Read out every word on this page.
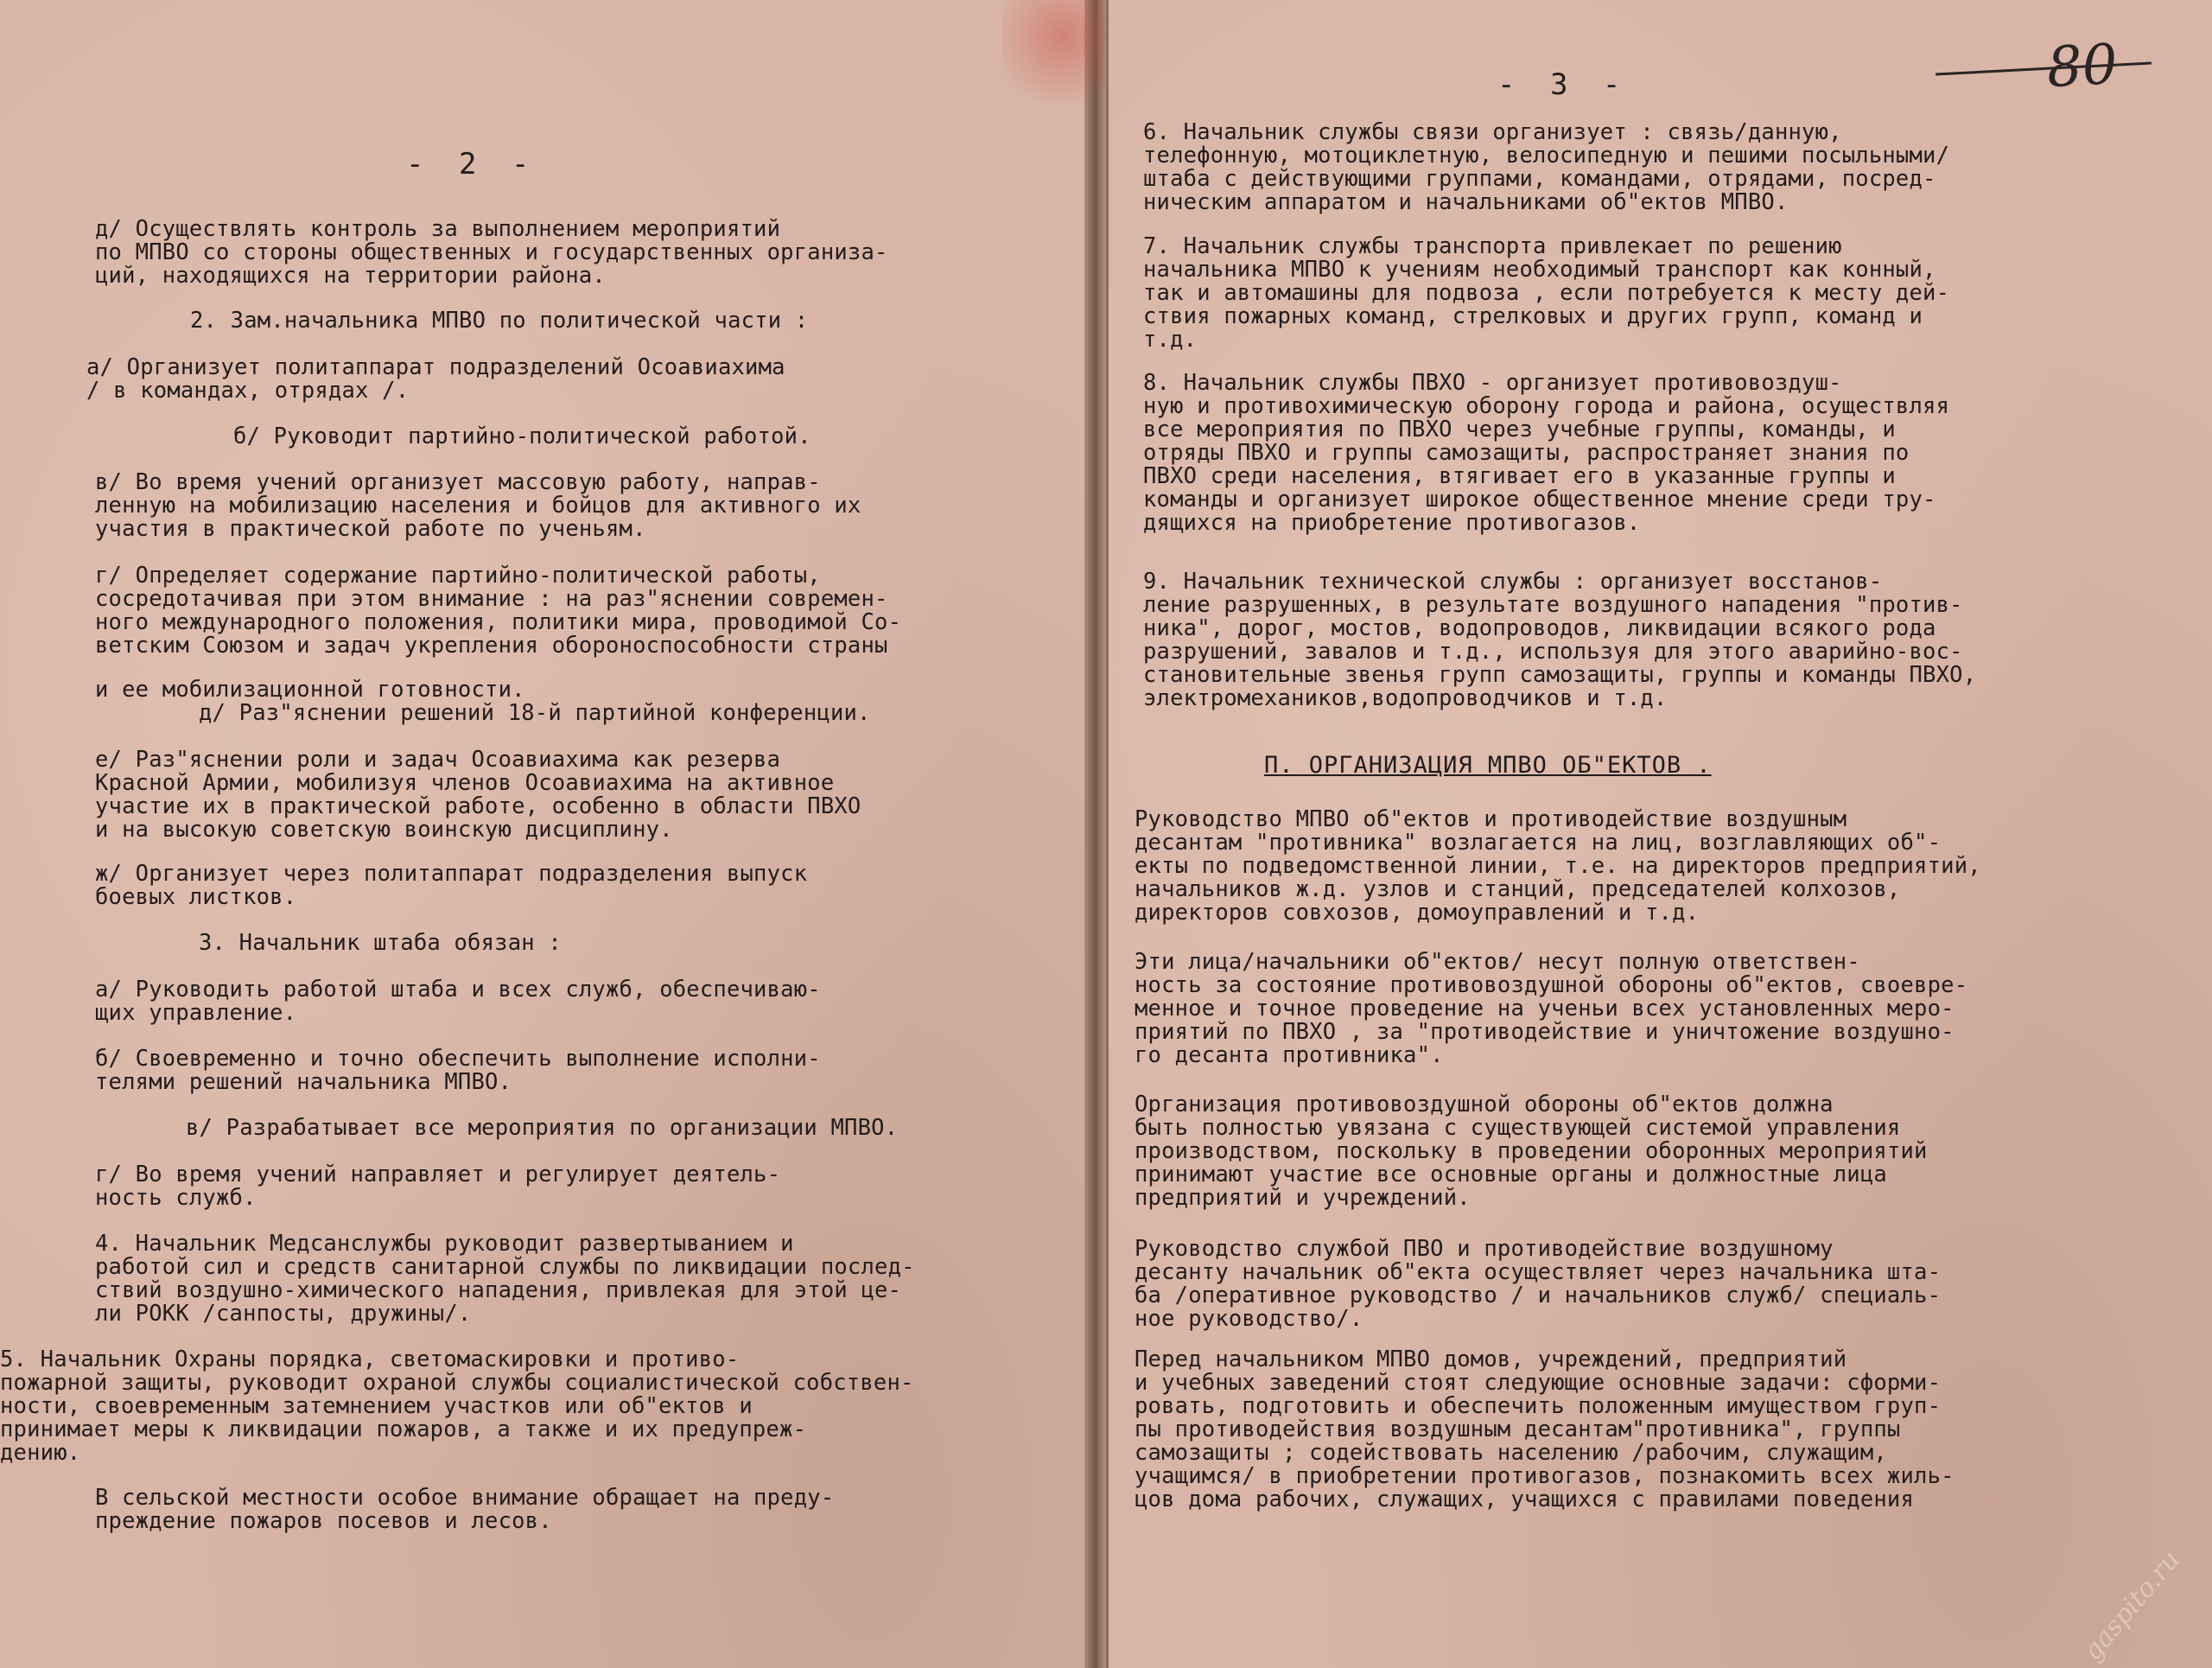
- 2 -
д/ Осуществлять контроль за выполнением мероприятий
по МПВО со стороны общественных и государственных организа-
ций, находящихся на территории района.
2. Зам.начальника МПВО по политической части :
а/ Организует политаппарат подразделений Осоавиахима
/ в командах, отрядах /.
б/ Руководит партийно-политической работой.
в/ Во время учений организует массовую работу, направ-
ленную на мобилизацию населения и бойцов для активного их
участия в практической работе по ученьям.
г/ Определяет содержание партийно-политической работы,
сосредотачивая при этом внимание : на раз"яснении современ-
ного международного положения, политики мира, проводимой Со-
ветским Союзом и задач укрепления обороноспособности страны
и ее мобилизационной готовности.
д/ Раз"яснении решений 18-й партийной конференции.
е/ Раз"яснении роли и задач Осоавиахима как резерва
Красной Армии, мобилизуя членов Осоавиахима на активное
участие их в практической работе, особенно в области ПВХО
и на высокую советскую воинскую дисциплину.
ж/ Организует через политаппарат подразделения выпуск
боевых листков.
3. Начальник штаба обязан :
а/ Руководить работой штаба и всех служб, обеспечиваю-
щих управление.
б/ Своевременно и точно обеспечить выполнение исполни-
телями решений начальника МПВО.
в/ Разрабатывает все мероприятия по организации МПВО.
г/ Во время учений направляет и регулирует деятель-
ность служб.
4. Начальник Медсанслужбы руководит развертыванием и
работой сил и средств санитарной службы по ликвидации послед-
ствий воздушно-химического нападения, привлекая для этой це-
ли РОКК /санпосты, дружины/.
5. Начальник Охраны порядка, светомаскировки и противо-
пожарной защиты, руководит охраной службы социалистической собствен-
ности, своевременным затемнением участков или об"ектов и
принимает меры к ликвидации пожаров, а также и их предупреж-
дению.
В сельской местности особое внимание обращает на преду-
преждение пожаров посевов и лесов.
- 3 -	80
6. Начальник службы связи организует : связь/данную,
телефонную, мотоциклетную, велосипедную и пешими посыльными/
штаба с действующими группами, командами, отрядами, посред-
ническим аппаратом и начальниками об"ектов МПВО.
7. Начальник службы транспорта привлекает по решению
начальника МПВО к учениям необходимый транспорт как конный,
так и автомашины для подвоза , если потребуется к месту дей-
ствия пожарных команд, стрелковых и других групп, команд и
т.д.
8. Начальник службы ПВХО - организует противовоздуш-
ную и противохимическую оборону города и района, осуществляя
все мероприятия по ПВХО через учебные группы, команды, и
отряды ПВХО и группы самозащиты, распространяет знания по
ПВХО среди населения, втягивает его в указанные группы и
команды и организует широкое общественное мнение среди тру-
дящихся на приобретение противогазов.
9. Начальник технической службы : организует восстанов-
ление разрушенных, в результате воздушного нападения "против-
ника", дорог, мостов, водопроводов, ликвидации всякого рода
разрушений, завалов и т.д., используя для этого аварийно-вос-
становительные звенья групп самозащиты, группы и команды ПВХО,
электромехаников,водопроводчиков и т.д.
П. ОРГАНИЗАЦИЯ МПВО ОБ"ЕКТОВ .
Руководство МПВО об"ектов и противодействие воздушным
десантам "противника" возлагается на лиц, возглавляющих об"-
екты по подведомственной линии, т.е. на директоров предприятий,
начальников ж.д. узлов и станций, председателей колхозов,
директоров совхозов, домоуправлений и т.д.
Эти лица/начальники об"ектов/ несут полную ответствен-
ность за состояние противовоздушной обороны об"ектов, своевре-
менное и точное проведение на ученьи всех установленных меро-
приятий по ПВХО , за "противодействие и уничтожение воздушно-
го десанта противника".
Организация противовоздушной обороны об"ектов должна
быть полностью увязана с существующей системой управления
производством, поскольку в проведении оборонных мероприятий
принимают участие все основные органы и должностные лица
предприятий и учреждений.
Руководство службой ПВО и противодействие воздушному
десанту начальник об"екта осуществляет через начальника шта-
ба /оперативное руководство / и начальников служб/ специаль-
ное руководство/.
Перед начальником МПВО домов, учреждений, предприятий
и учебных заведений стоят следующие основные задачи: сформи-
ровать, подготовить и обеспечить положенным имуществом груп-
пы противодействия воздушным десантам"противника", группы
самозащиты ; содействовать населению /рабочим, служащим,
учащимся/ в приобретении противогазов, познакомить всех жиль-
цов дома рабочих, служащих, учащихся с правилами поведения
gaspito.ru
